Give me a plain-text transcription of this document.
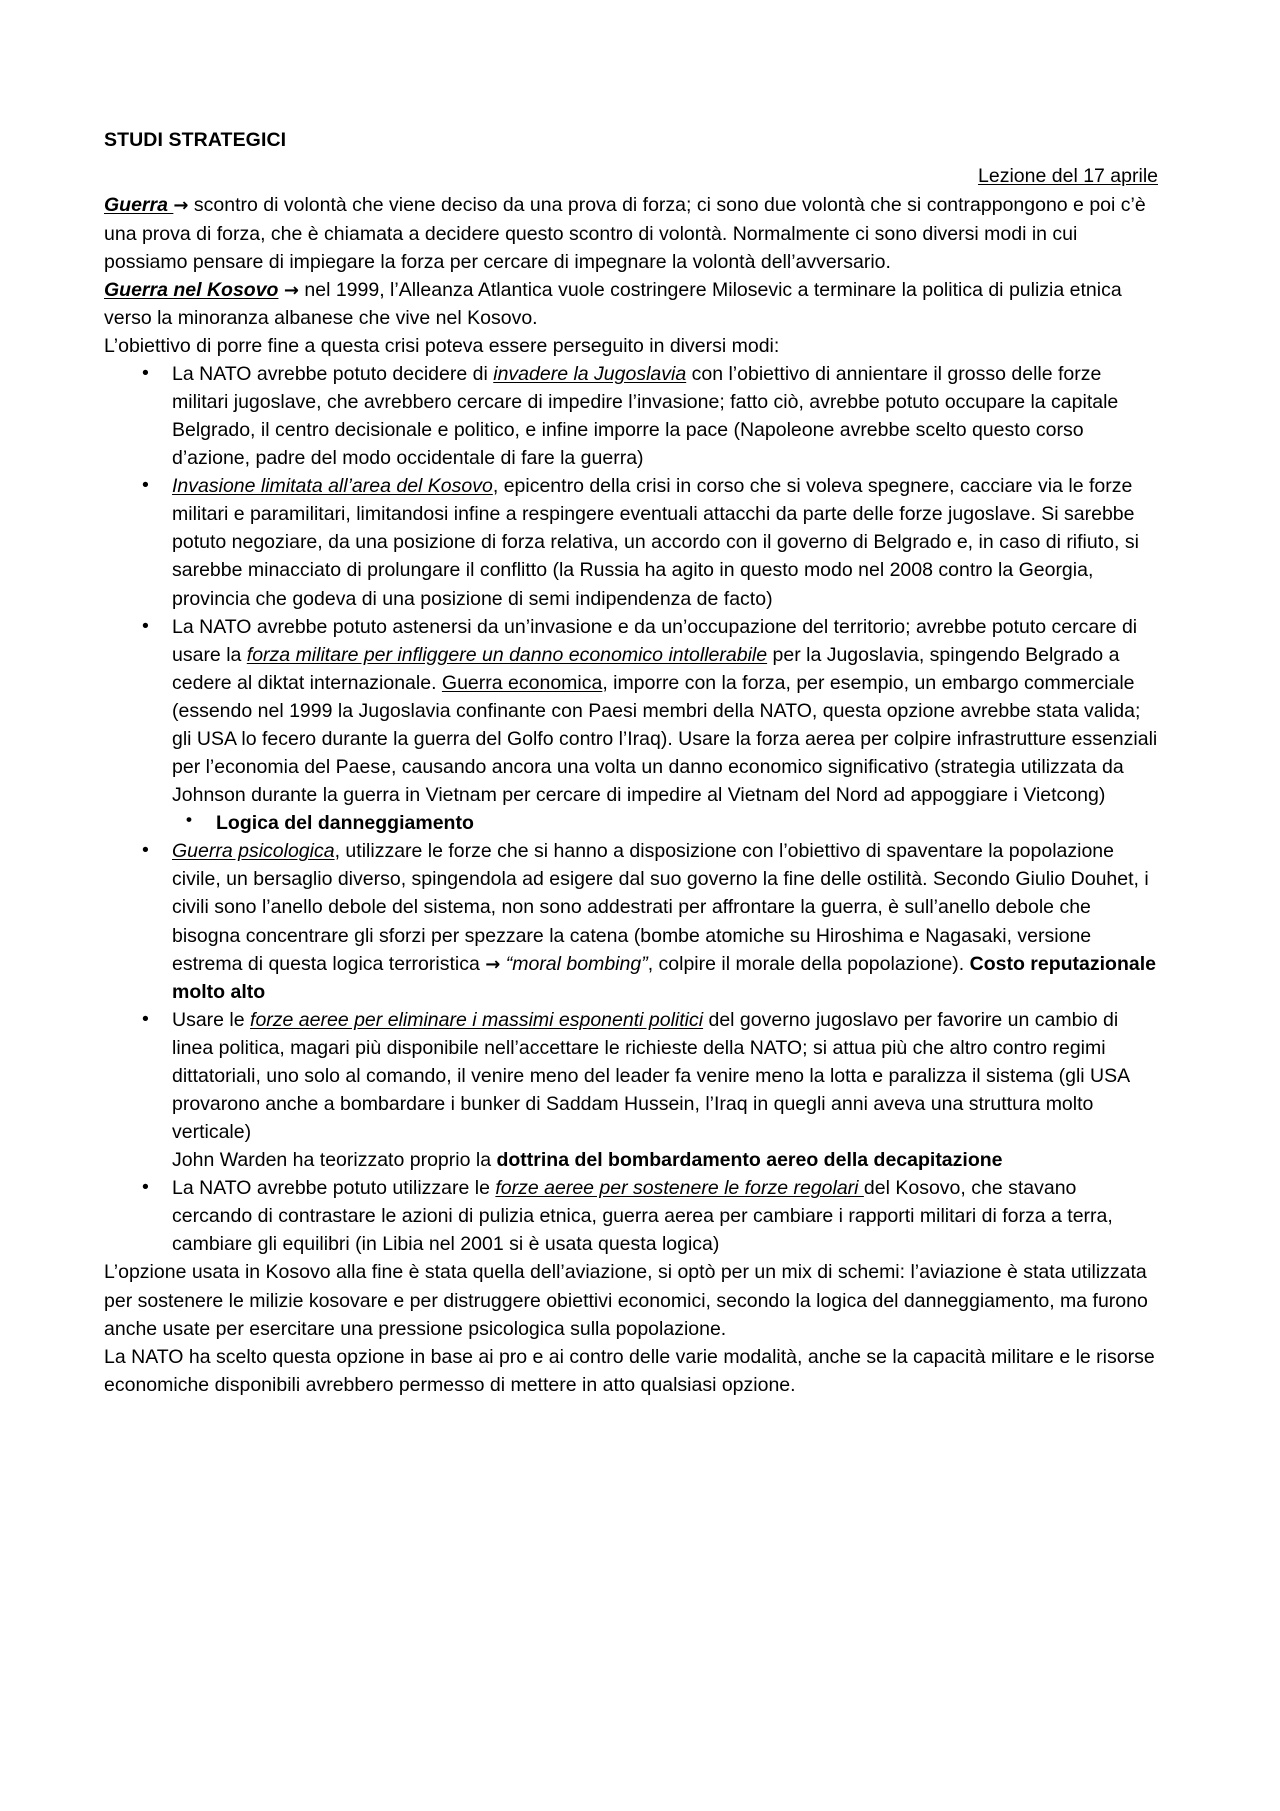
STUDI STRATEGICI
Lezione del 17 aprile

Guerra → scontro di volontà che viene deciso da una prova di forza; ci sono due volontà che si contrappongono e poi c’è una prova di forza, che è chiamata a decidere questo scontro di volontà. Normalmente ci sono diversi modi in cui possiamo pensare di impiegare la forza per cercare di impegnare la volontà dell’avversario.

Guerra nel Kosovo → nel 1999, l’Alleanza Atlantica vuole costringere Milosevic a terminare la politica di pulizia etnica verso la minoranza albanese che vive nel Kosovo.

L’obiettivo di porre fine a questa crisi poteva essere perseguito in diversi modi:

• La NATO avrebbe potuto decidere di invadere la Jugoslavia con l’obiettivo di annientare il grosso delle forze militari jugoslave, che avrebbero cercare di impedire l’invasione; fatto ciò, avrebbe potuto occupare la capitale Belgrado, il centro decisionale e politico, e infine imporre la pace (Napoleone avrebbe scelto questo corso d’azione, padre del modo occidentale di fare la guerra)
• Invasione limitata all’area del Kosovo, epicentro della crisi in corso che si voleva spegnere, cacciare via le forze militari e paramilitari, limitandosi infine a respingere eventuali attacchi da parte delle forze jugoslave. Si sarebbe potuto negoziare, da una posizione di forza relativa, un accordo con il governo di Belgrado e, in caso di rifiuto, si sarebbe minacciato di prolungare il conflitto (la Russia ha agito in questo modo nel 2008 contro la Georgia, provincia che godeva di una posizione di semi indipendenza de facto)
• La NATO avrebbe potuto astenersi da un’invasione e da un’occupazione del territorio; avrebbe potuto cercare di usare la forza militare per infliggere un danno economico intollerabile per la Jugoslavia, spingendo Belgrado a cedere al diktat internazionale. Guerra economica, imporre con la forza, per esempio, un embargo commerciale (essendo nel 1999 la Jugoslavia confinante con Paesi membri della NATO, questa opzione avrebbe stata valida; gli USA lo fecero durante la guerra del Golfo contro l’Iraq). Usare la forza aerea per colpire infrastrutture essenziali per l’economia del Paese, causando ancora una volta un danno economico significativo (strategia utilizzata da Johnson durante la guerra in Vietnam per cercare di impedire al Vietnam del Nord ad appoggiare i Vietcong)
• Logica del danneggiamento
• Guerra psicologica, utilizzare le forze che si hanno a disposizione con l’obiettivo di spaventare la popolazione civile, un bersaglio diverso, spingendola ad esigere dal suo governo la fine delle ostilità. Secondo Giulio Douhet, i civili sono l’anello debole del sistema, non sono addestrati per affrontare la guerra, è sull’anello debole che bisogna concentrare gli sforzi per spezzare la catena (bombe atomiche su Hiroshima e Nagasaki, versione estrema di questa logica terroristica → “moral bombing”, colpire il morale della popolazione). Costo reputazionale molto alto
• Usare le forze aeree per eliminare i massimi esponenti politici del governo jugoslavo per favorire un cambio di linea politica, magari più disponibile nell’accettare le richieste della NATO; si attua più che altro contro regimi dittatoriali, uno solo al comando, il venire meno del leader fa venire meno la lotta e paralizza il sistema (gli USA provarono anche a bombardare i bunker di Saddam Hussein, l’Iraq in quegli anni aveva una struttura molto verticale)
John Warden ha teorizzato proprio la dottrina del bombardamento aereo della decapitazione
• La NATO avrebbe potuto utilizzare le forze aeree per sostenere le forze regolari del Kosovo, che stavano cercando di contrastare le azioni di pulizia etnica, guerra aerea per cambiare i rapporti militari di forza a terra, cambiare gli equilibri (in Libia nel 2001 si è usata questa logica)

L’opzione usata in Kosovo alla fine è stata quella dell’aviazione, si optò per un mix di schemi: l’aviazione è stata utilizzata per sostenere le milizie kosovare e per distruggere obiettivi economici, secondo la logica del danneggiamento, ma furono anche usate per esercitare una pressione psicologica sulla popolazione.

La NATO ha scelto questa opzione in base ai pro e ai contro delle varie modalità, anche se la capacità militare e le risorse economiche disponibili avrebbero permesso di mettere in atto qualsiasi opzione.
